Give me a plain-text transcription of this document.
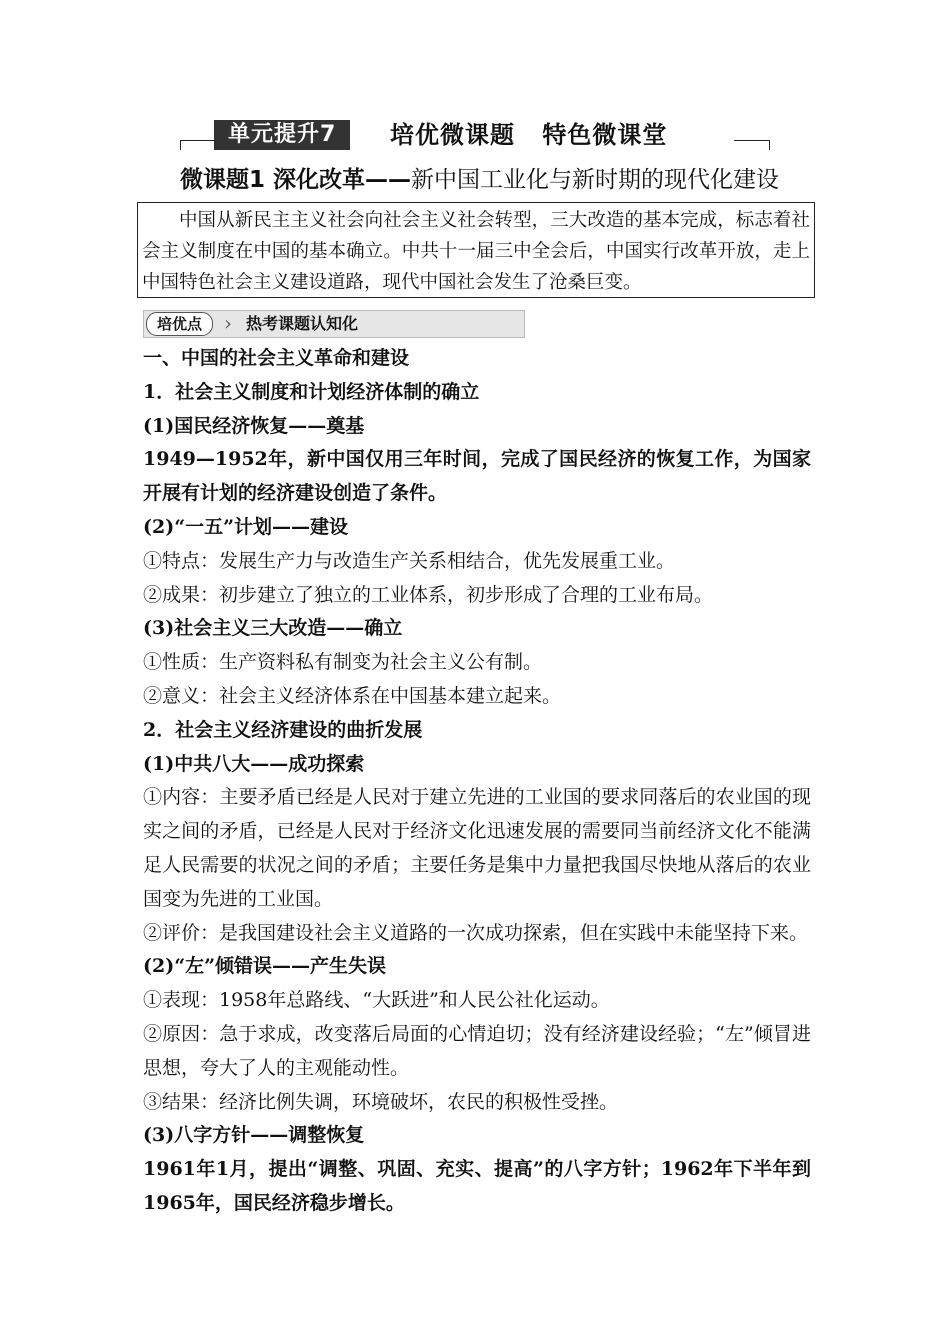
单元提升7	培优微课题 特色微课堂
微课题1 深化改革——新中国工业化与新时期的现代化建设
中国从新民主主义社会向社会主义社会转型，三大改造的基本完成，标志着社会主义制度在中国的基本确立。中共十一届三中全会后，中国实行改革开放，走上中国特色社会主义建设道路，现代中国社会发生了沧桑巨变。
培优点	› 热考课题认知化

一、中国的社会主义革命和建设

1．社会主义制度和计划经济体制的确立

(1)国民经济恢复——奠基

1949—1952年，新中国仅用三年时间，完成了国民经济的恢复工作，为国家开展有计划的经济建设创造了条件。

(2)“一五”计划——建设

①特点：发展生产力与改造生产关系相结合，优先发展重工业。

②成果：初步建立了独立的工业体系，初步形成了合理的工业布局。

(3)社会主义三大改造——确立

①性质：生产资料私有制变为社会主义公有制。

②意义：社会主义经济体系在中国基本建立起来。

2．社会主义经济建设的曲折发展

(1)中共八大——成功探索

①内容：主要矛盾已经是人民对于建立先进的工业国的要求同落后的农业国的现实之间的矛盾，已经是人民对于经济文化迅速发展的需要同当前经济文化不能满足人民需要的状况之间的矛盾；主要任务是集中力量把我国尽快地从落后的农业国变为先进的工业国。

②评价：是我国建设社会主义道路的一次成功探索，但在实践中未能坚持下来。

(2)“左”倾错误——产生失误

①表现：1958年总路线、“大跃进”和人民公社化运动。

②原因：急于求成，改变落后局面的心情迫切；没有经济建设经验；“左”倾冒进思想，夸大了人的主观能动性。

③结果：经济比例失调，环境破坏，农民的积极性受挫。

(3)八字方针——调整恢复

1961年1月，提出“调整、巩固、充实、提高”的八字方针；1962年下半年到1965年，国民经济稳步增长。
